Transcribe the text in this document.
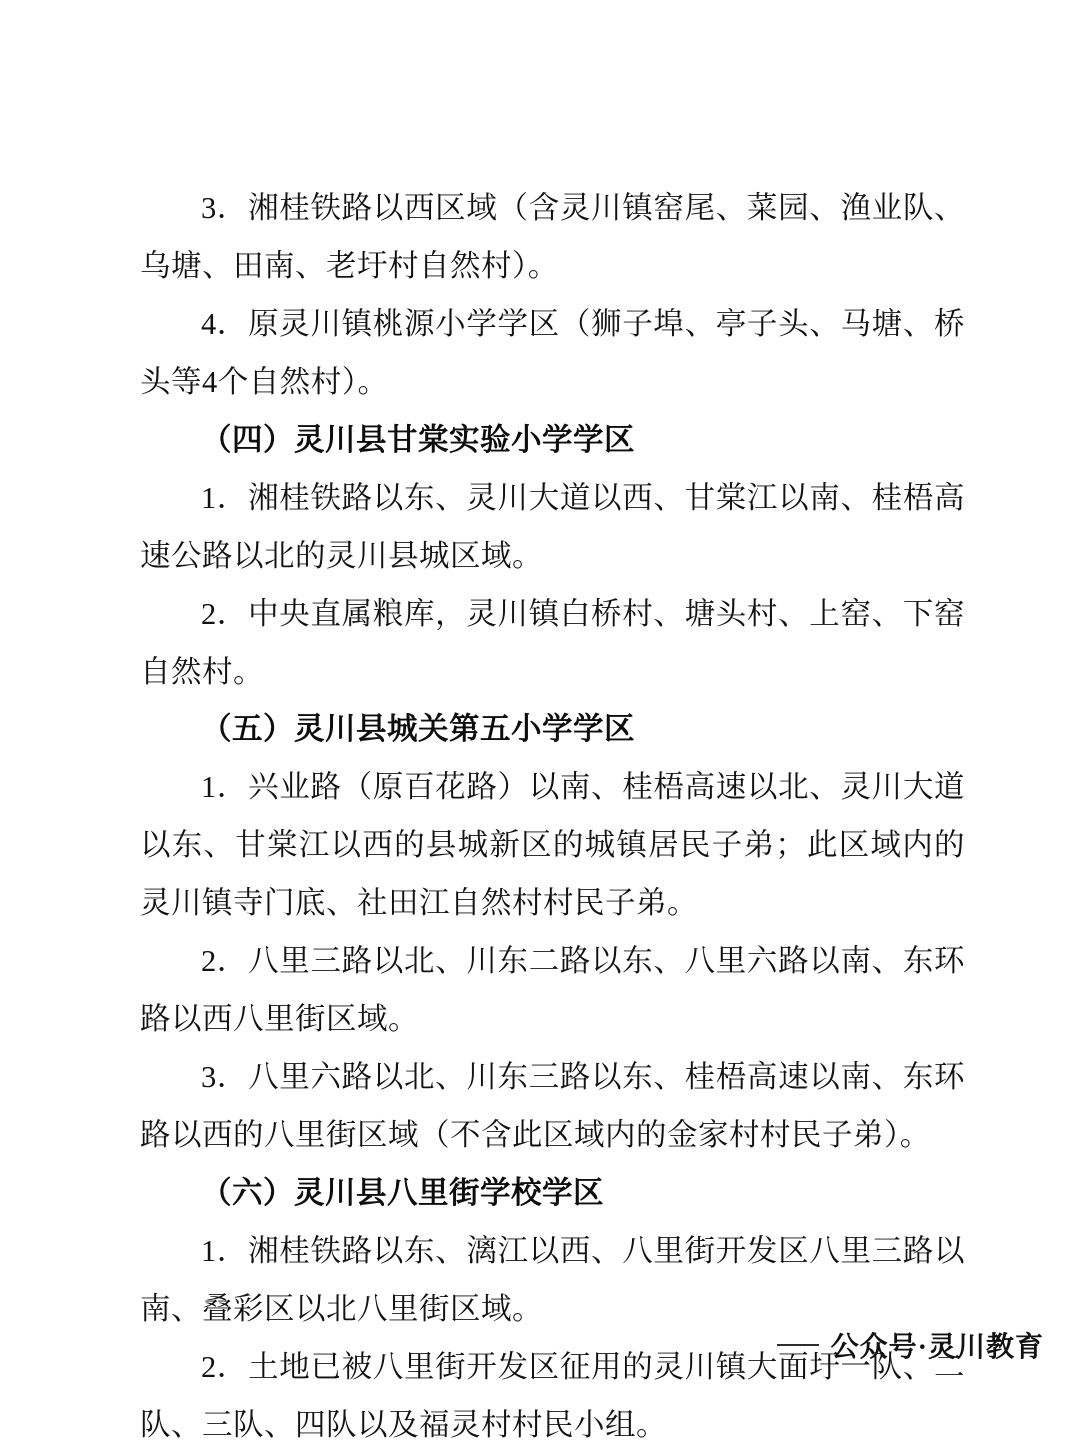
3．湘桂铁路以西区域（含灵川镇窑尾、菜园、渔业队、乌塘、田南、老圩村自然村）。

4．原灵川镇桃源小学学区（狮子埠、亭子头、马塘、桥头等4个自然村）。

（四）灵川县甘棠实验小学学区

1．湘桂铁路以东、灵川大道以西、甘棠江以南、桂梧高速公路以北的灵川县城区域。

2．中央直属粮库，灵川镇白桥村、塘头村、上窑、下窑自然村。

（五）灵川县城关第五小学学区

1．兴业路（原百花路）以南、桂梧高速以北、灵川大道以东、甘棠江以西的县城新区的城镇居民子弟；此区域内的灵川镇寺门底、社田江自然村村民子弟。

2．八里三路以北、川东二路以东、八里六路以南、东环路以西八里街区域。

3．八里六路以北、川东三路以东、桂梧高速以南、东环路以西的八里街区域（不含此区域内的金家村村民子弟）。

（六）灵川县八里街学校学区

1．湘桂铁路以东、漓江以西、八里街开发区八里三路以南、叠彩区以北八里街区域。

2．土地已被八里街开发区征用的灵川镇大面圩一队、二队、三队、四队以及福灵村村民小组。

公众号·灵川教育
